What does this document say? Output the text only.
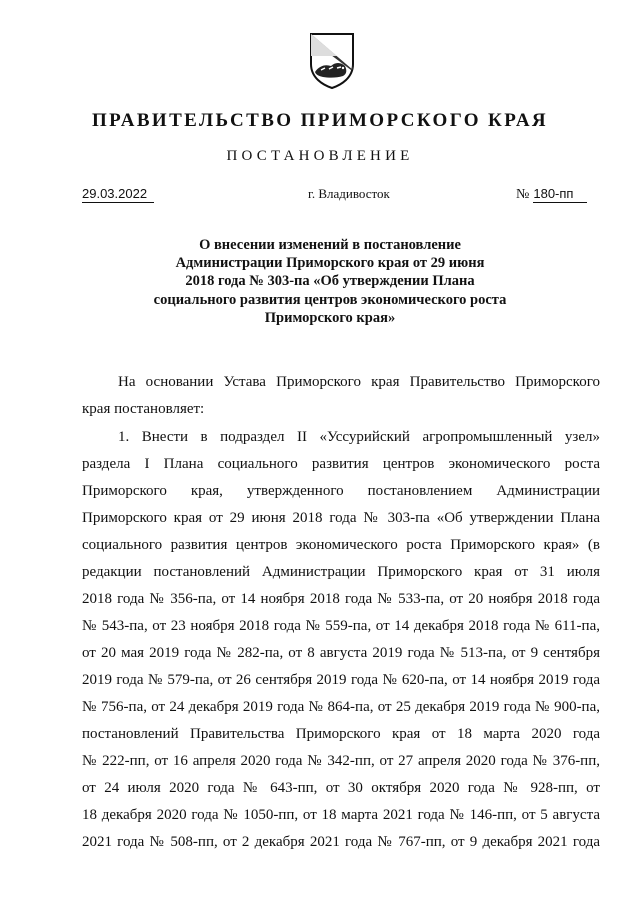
ПРАВИТЕЛЬСТВО ПРИМОРСКОГО КРАЯ
ПОСТАНОВЛЕНИЕ
29.03.2022	г. Владивосток	№ 180-пп
О внесении изменений в постановление
Администрации Приморского края от 29 июня
2018 года № 303-па «Об утверждении Плана
социального развития центров экономического роста
Приморского края»
На основании Устава Приморского края Правительство Приморского
края постановляет:
1. Внести в подраздел II «Уссурийский агропромышленный узел»
раздела I Плана социального развития центров экономического роста
Приморского края, утвержденного постановлением Администрации
Приморского края от 29 июня 2018 года № 303-па «Об утверждении Плана
социального развития центров экономического роста Приморского края» (в
редакции постановлений Администрации Приморского края от 31 июля
2018 года № 356-па, от 14 ноября 2018 года № 533-па, от 20 ноября 2018 года
№ 543-па, от 23 ноября 2018 года № 559-па, от 14 декабря 2018 года № 611-па,
от 20 мая 2019 года № 282-па, от 8 августа 2019 года № 513-па, от 9 сентября
2019 года № 579-па, от 26 сентября 2019 года № 620-па, от 14 ноября 2019 года
№ 756-па, от 24 декабря 2019 года № 864-па, от 25 декабря 2019 года № 900-па,
постановлений Правительства Приморского края от 18 марта 2020 года
№ 222-пп, от 16 апреля 2020 года № 342-пп, от 27 апреля 2020 года № 376-пп,
от 24 июля 2020 года № 643-пп, от 30 октября 2020 года № 928-пп, от
18 декабря 2020 года № 1050-пп, от 18 марта 2021 года № 146-пп, от 5 августа
2021 года № 508-пп, от 2 декабря 2021 года № 767-пп, от 9 декабря 2021 года
